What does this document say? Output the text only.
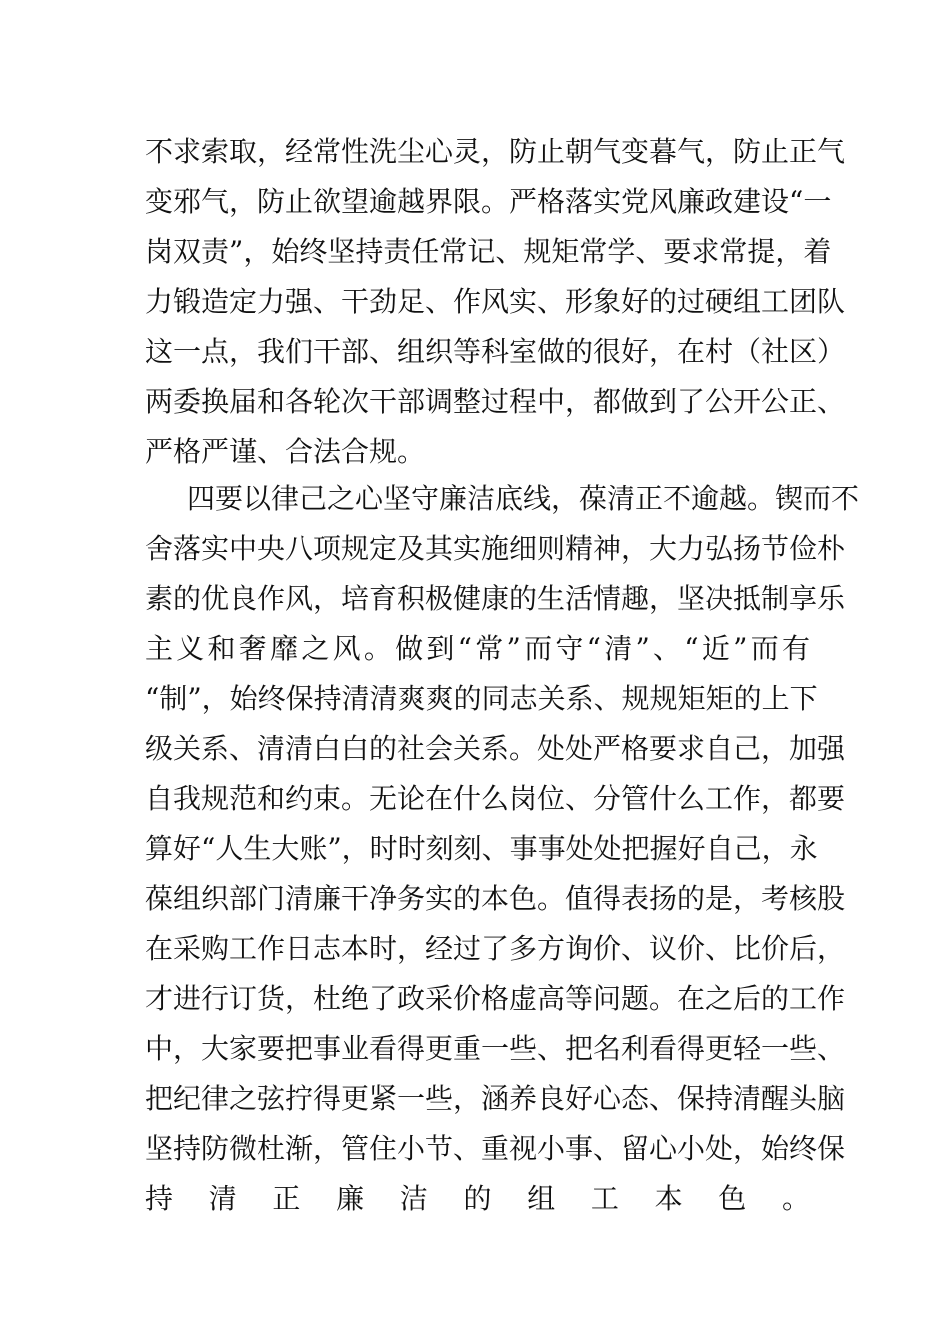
不求索取，经常性洗尘心灵，防止朝气变暮气，防止正气
变邪气，防止欲望逾越界限。严格落实党风廉政建设“一
岗双责”，始终坚持责任常记、规矩常学、要求常提，着
力锻造定力强、干劲足、作风实、形象好的过硬组工团队
这一点，我们干部、组织等科室做的很好，在村（社区）
两委换届和各轮次干部调整过程中，都做到了公开公正、
严格严谨、合法合规。
四要以律己之心坚守廉洁底线，葆清正不逾越。锲而不
舍落实中央八项规定及其实施细则精神，大力弘扬节俭朴
素的优良作风，培育积极健康的生活情趣，坚决抵制享乐
主义和奢靡之风。做到“常”而守“清”、“近”而有
“制”，始终保持清清爽爽的同志关系、规规矩矩的上下
级关系、清清白白的社会关系。处处严格要求自己，加强
自我规范和约束。无论在什么岗位、分管什么工作，都要
算好“人生大账”，时时刻刻、事事处处把握好自己，永
葆组织部门清廉干净务实的本色。值得表扬的是，考核股
在采购工作日志本时，经过了多方询价、议价、比价后，
才进行订货，杜绝了政采价格虚高等问题。在之后的工作
中，大家要把事业看得更重一些、把名利看得更轻一些、
把纪律之弦拧得更紧一些，涵养良好心态、保持清醒头脑
坚持防微杜渐，管住小节、重视小事、留心小处，始终保
持清正廉洁的组工本色。
